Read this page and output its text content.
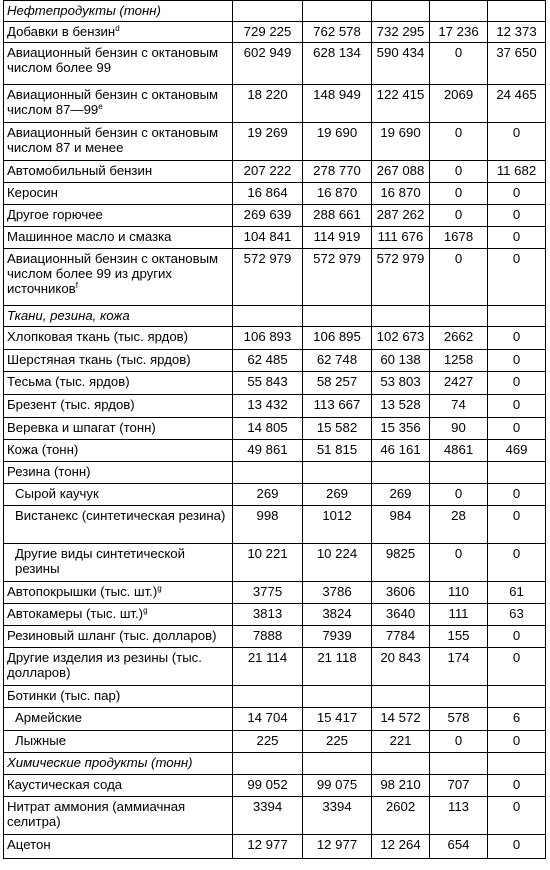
Нефтепродукты (тонн)					
Добавки в бензин$^d$	729 225	762 578	732 295	17 236	12 373
Авиационный бензин с октановым числом более 99	602 949	628 134	590 434	0	37 650
Авиационный бензин с октановым числом 87—99e	18 220	148 949	122 415	2069	24 465
Авиационный бензин с октановым числом 87 и менее	19 269	19 690	19 690	0	0
Автомобильный бензин	207 222	278 770	267 088	0	11 682
Керосин	16 864	16 870	16 870	0	0
Другое горючее	269 639	288 661	287 262	0	0
Машинное масло и смазка	104 841	114 919	111 676	1678	0
Авиационный бензин с октановым числом более 99 из других источников$^f$	572 979	572 979	572 979	0	0
Ткани, резина, кожа					
Хлопковая ткань (тыс. ярдов)	106 893	106 895	102 673	2662	0
Шерстяная ткань (тыс. ярдов)	62 485	62 748	60 138	1258	0
Тесьма (тыс. ярдов)	55 843	58 257	53 803	2427	0
Брезент (тыс. ярдов)	13 432	113 667	13 528	74	0
Веревка и шпагат (тонн)	14 805	15 582	15 356	90	0
Кожа (тонн)	49 861	51 815	46 161	4861	469
Резина (тонн)					
Сырой каучук	269	269	269	0	0
Вистанекс (синтетическая резина)	998	1012	984	28	0
Другие виды синтетической резины	10 221	10 224	9825	0	0
Автопокрышки (тыс. шт.)$^g$	3775	3786	3606	110	61
Автокамеры (тыс. шт.)$^g$	3813	3824	3640	111	63
Резиновый шланг (тыс. долларов)	7888	7939	7784	155	0
Другие изделия из резины (тыс. долларов)	21 114	21 118	20 843	174	0
Ботинки (тыс. пар)					
Армейские	14 704	15 417	14 572	578	6
Лыжные	225	225	221	0	0
Химические продукты (тонн)					
Каустическая сода	99 052	99 075	98 210	707	0
Нитрат аммония (аммиачная селитра)	3394	3394	2602	113	0
Ацетон	12 977	12 977	12 264	654	0
